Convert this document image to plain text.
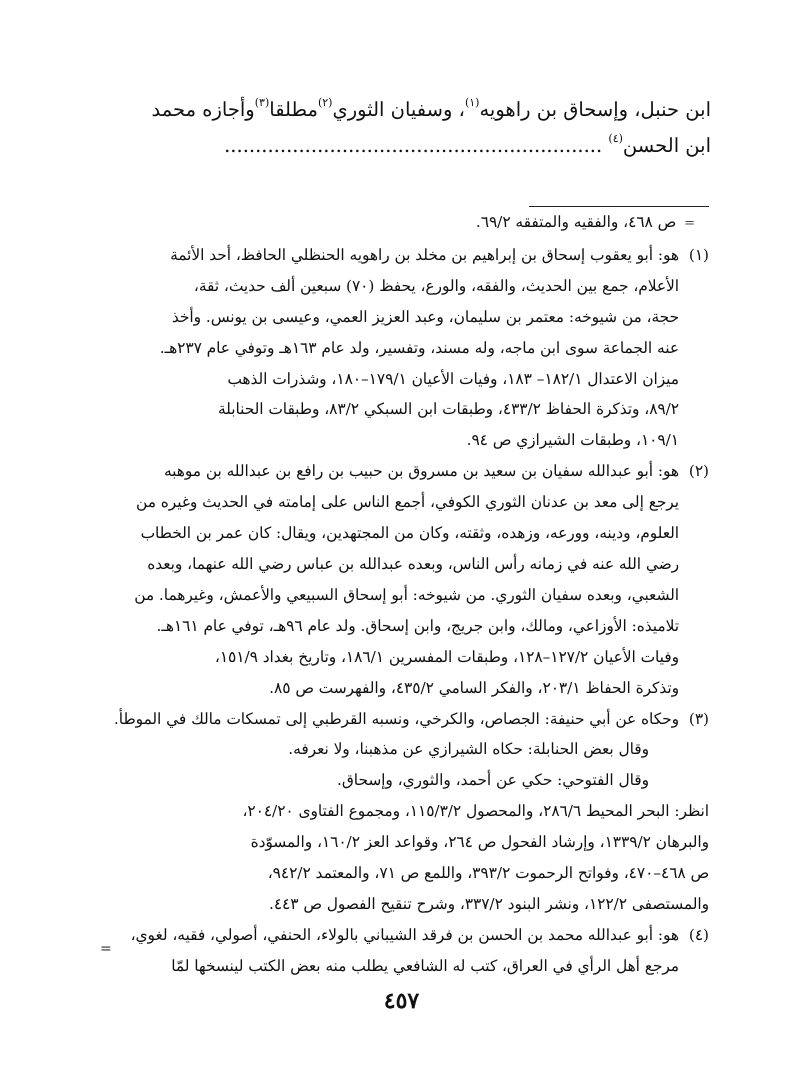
ابن حنبل، وإسحاق بن راهويه$^{(١)}$، وسفيان الثوري$^{(٢)}$مطلقا$^{(٣)}$وأجازه محمد

ابن الحسن$^{(٤)}$ .............................................................

= ص ٤٦٨، والفقيه والمتفقه ٦٩/٢.
(١)
هو: أبو يعقوب إسحاق بن إبراهيم بن مخلد بن راهويه الحنظلي الحافظ، أحد الأئمة
الأعلام، جمع بين الحديث، والفقه، والورع، يحفظ (٧٠) سبعين ألف حديث، ثقة،
حجة، من شيوخه: معتمر بن سليمان، وعبد العزيز العمي، وعيسى بن يونس. وأخذ
عنه الجماعة سوى ابن ماجه، وله مسند، وتفسير، ولد عام ١٦٣هـ وتوفي عام ٢٣٧هـ.
ميزان الاعتدال ١٨٢/١– ١٨٣، وفيات الأعيان ١٧٩/١–١٨٠، وشذرات الذهب
٨٩/٢، وتذكرة الحفاظ ٤٣٣/٢، وطبقات ابن السبكي ٨٣/٢، وطبقات الحنابلة
١٠٩/١، وطبقات الشيرازي ص ٩٤.
(٢)
هو: أبو عبدالله سفيان بن سعيد بن مسروق بن حبيب بن رافع بن عبدالله بن موهبه
يرجع إلى معد بن عدنان الثوري الكوفي، أجمع الناس على إمامته في الحديث وغيره من
العلوم، ودينه، وورعه، وزهده، وثقته، وكان من المجتهدين، ويقال: كان عمر بن الخطاب
رضي الله عنه في زمانه رأس الناس، وبعده عبدالله بن عباس رضي الله عنهما، وبعده
الشعبي، وبعده سفيان الثوري. من شيوخه: أبو إسحاق السبيعي والأعمش، وغيرهما. من
تلاميذه: الأوزاعي، ومالك، وابن جريج، وابن إسحاق. ولد عام ٩٦هـ، توفي عام ١٦١هـ.
وفيات الأعيان ١٢٧/٢–١٢٨، وطبقات المفسرين ١٨٦/١، وتاريخ بغداد ١٥١/٩،
وتذكرة الحفاظ ٢٠٣/١، والفكر السامي ٤٣٥/٢، والفهرست ص ٨٥.
(٣)
وحكاه عن أبي حنيفة: الجصاص، والكرخي، ونسبه القرطبي إلى تمسكات مالك في الموطأ.
وقال بعض الحنابلة: حكاه الشيرازي عن مذهبنا، ولا نعرفه.
وقال الفتوحي: حكي عن أحمد، والثوري، وإسحاق.
انظر: البحر المحيط ٢٨٦/٦، والمحصول ١١٥/٣/٢، ومجموع الفتاوى ٢٠٤/٢٠،
والبرهان ١٣٣٩/٢، وإرشاد الفحول ص ٢٦٤، وقواعد العز ١٦٠/٢، والمسوّدة
ص ٤٦٨–٤٧٠، وفواتح الرحموت ٣٩٣/٢، واللمع ص ٧١، والمعتمد ٩٤٢/٢،
والمستصفى ١٢٢/٢، ونشر البنود ٣٣٧/٢، وشرح تنقيح الفصول ص ٤٤٣.
(٤)
هو: أبو عبدالله محمد بن الحسن بن فرقد الشيباني بالولاء، الحنفي، أصولي، فقيه، لغوي،
مرجع أهل الرأي في العراق، كتب له الشافعي يطلب منه بعض الكتب لينسخها لمّا
=
٤٥٧
